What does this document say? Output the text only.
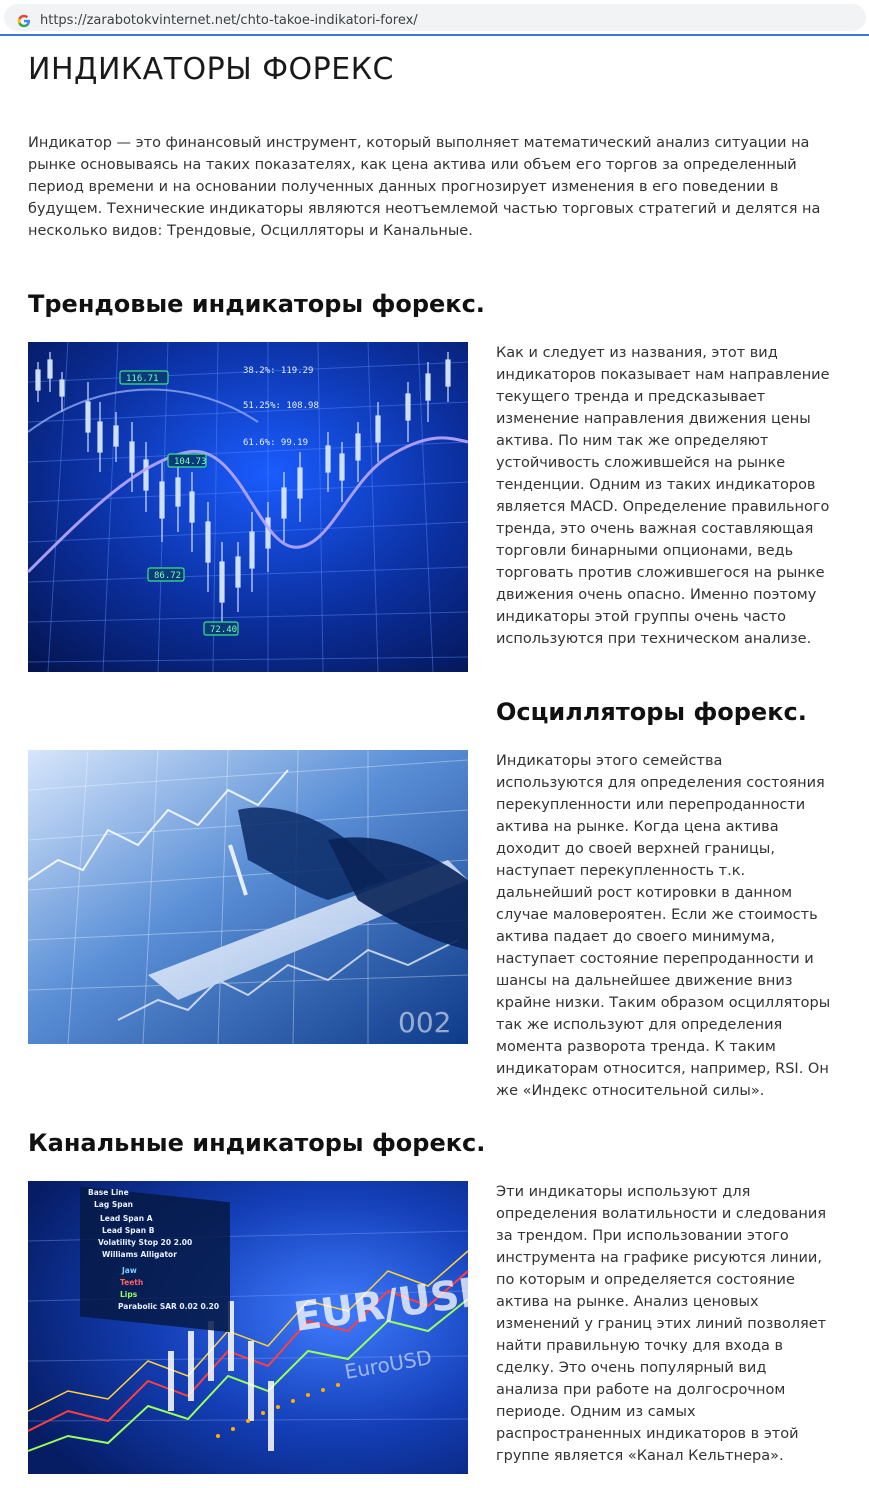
https://zarabotokvinternet.net/chto-takoe-indikatori-forex/
ИНДИКАТОРЫ ФОРЕКС

Индикатор — это финансовый инструмент, который выполняет математический анализ ситуации на рынке основываясь на таких показателях, как цена актива или объем его торгов за определенный период времени и на основании полученных данных прогнозирует изменения в его поведении в будущем. Технические индикаторы являются неотъемлемой частью торговых стратегий и делятся на несколько видов: Трендовые, Осцилляторы и Канальные.

Трендовые индикаторы форекс.
38.2%: 119.29
51.25%: 108.98
61.6%: 99.19
116.71
104.73
86.72
72.40

Как и следует из названия, этот вид индикаторов показывает нам направление текущего тренда и предсказывает изменение направления движения цены актива. По ним так же определяют устойчивость сложившейся на рынке тенденции. Одним из таких индикаторов является MACD. Определение правильного тренда, это очень важная составляющая торговли бинарными опционами, ведь торговать против сложившегося на рынке движения очень опасно. Именно поэтому индикаторы этой группы очень часто используются при техническом анализе.

Осцилляторы форекс.
002

Индикаторы этого семейства используются для определения состояния перекупленности или перепроданности актива на рынке. Когда цена актива доходит до своей верхней границы, наступает перекупленность т.к. дальнейший рост котировки в данном случае маловероятен. Если же стоимость актива падает до своего минимума, наступает состояние перепроданности и шансы на дальнейшее движение вниз крайне низки. Таким образом осцилляторы так же используют для определения момента разворота тренда. К таким индикаторам относится, например, RSI. Он же «Индекс относительной силы».

Канальные индикаторы форекс.
Base Line
Lag Span
Lead Span A
Lead Span B
Volatility Stop 20 2.00
Williams Alligator
Jaw
Teeth
Lips
Parabolic SAR 0.02 0.20 EUR/USD
EuroUSD

Эти индикаторы используют для определения волатильности и следования за трендом. При использовании этого инструмента на графике рисуются линии, по которым и определяется состояние актива на рынке. Анализ ценовых изменений у границ этих линий позволяет найти правильную точку для входа в сделку. Это очень популярный вид анализа при работе на долгосрочном периоде. Одним из самых распространенных индикаторов в этой группе является «Канал Кельтнера».
